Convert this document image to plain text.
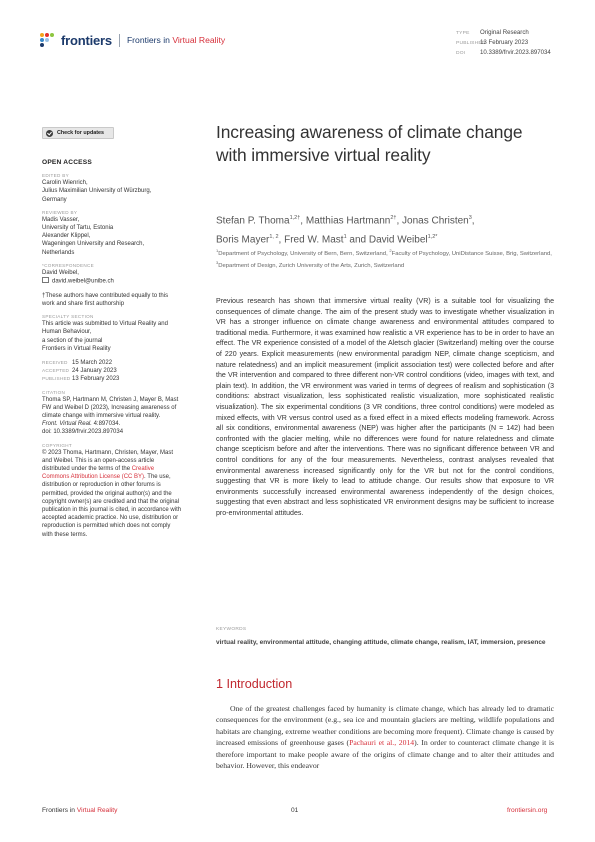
frontiers Frontiers in Virtual Reality
TYPE Original Research
PUBLISHED13 February 2023
DOI 10.3389/frvir.2023.897034
Check for updates
OPEN ACCESS
EDITED BY
Carolin Wienrich,
Julius Maximilian University of Würzburg,
Germany
REVIEWED BY
Madis Vasser,
University of Tartu, Estonia
Alexander Klippel,
Wageningen University and Research,
Netherlands
*CORRESPONDENCE
David Weibel,
david.weibel@unibe.ch
†These authors have contributed equally to this work and share first authorship
SPECIALTY SECTION
This article was submitted to Virtual Reality and Human Behaviour,
a section of the journal
Frontiers in Virtual Reality
RECEIVED 15 March 2022
ACCEPTED 24 January 2023
PUBLISHED 13 February 2023
CITATION
Thoma SP, Hartmann M, Christen J, Mayer B, Mast FW and Weibel D (2023), Increasing awareness of climate change with immersive virtual reality.
Front. Virtual Real. 4:897034.
doi: 10.3389/frvir.2023.897034
COPYRIGHT
© 2023 Thoma, Hartmann, Christen, Mayer, Mast and Weibel. This is an open-access article distributed under the terms of the Creative Commons Attribution License (CC BY). The use, distribution or reproduction in other forums is permitted, provided the original author(s) and the copyright owner(s) are credited and that the original publication in this journal is cited, in accordance with accepted academic practice. No use, distribution or reproduction is permitted which does not comply with these terms.
Increasing awareness of climate change with immersive virtual reality
Stefan P. Thoma$^{1,2\dagger}$, Matthias Hartmann$^{2\dagger}$, Jonas Christen$^3$,
Boris Mayer$^{1, 2}$, Fred W. Mast$^1$ and David Weibel$^{1,2*}$
$^1$Department of Psychology, University of Bern, Bern, Switzerland, $^2$Faculty of Psychology, UniDistance Suisse, Brig, Switzerland, $^3$Department of Design, Zurich University of the Arts, Zurich, Switzerland

Previous research has shown that immersive virtual reality (VR) is a suitable tool for visualizing the consequences of climate change. The aim of the present study was to investigate whether visualization in VR has a stronger influence on climate change awareness and environmental attitudes compared to traditional media. Furthermore, it was examined how realistic a VR experience has to be in order to have an effect. The VR experience consisted of a model of the Aletsch glacier (Switzerland) melting over the course of 220 years. Explicit measurements (new environmental paradigm NEP, climate change scepticism, and nature relatedness) and an implicit measurement (implicit association test) were collected before and after the VR intervention and compared to three different non-VR control conditions (video, images with text, and plain text). In addition, the VR environment was varied in terms of degrees of realism and sophistication (3 conditions: abstract visualization, less sophisticated realistic visualization, more sophisticated realistic visualization). The six experimental conditions (3 VR conditions, three control conditions) were modeled as mixed effects, with VR versus control used as a fixed effect in a mixed effects modeling framework. Across all six conditions, environmental awareness (NEP) was higher after the participants (N = 142) had been confronted with the glacier melting, while no differences were found for nature relatedness and climate change scepticism before and after the interventions. There was no significant difference between VR and control conditions for any of the four measurements. Nevertheless, contrast analyses revealed that environmental awareness increased significantly only for the VR but not for the control conditions, suggesting that VR is more likely to lead to attitude change. Our results show that exposure to VR environments successfully increased environmental awareness independently of the design choices, suggesting that even abstract and less sophisticated VR environment designs may be sufficient to increase pro-environmental attitudes.

KEYWORDS
virtual reality, environmental attitude, changing attitude, climate change, realism, IAT, immersion, presence
1 Introduction

One of the greatest challenges faced by humanity is climate change, which has already led to dramatic consequences for the environment (e.g., sea ice and mountain glaciers are melting, wildlife populations and habitats are changing, extreme weather conditions are becoming more frequent). Climate change is caused by increased emissions of greenhouse gases (Pachauri et al., 2014). In order to counteract climate change it is therefore important to make people aware of the origins of climate change and to alter their attitudes and behavior. However, this endeavor

Frontiers in Virtual Reality	01	frontiersin.org
